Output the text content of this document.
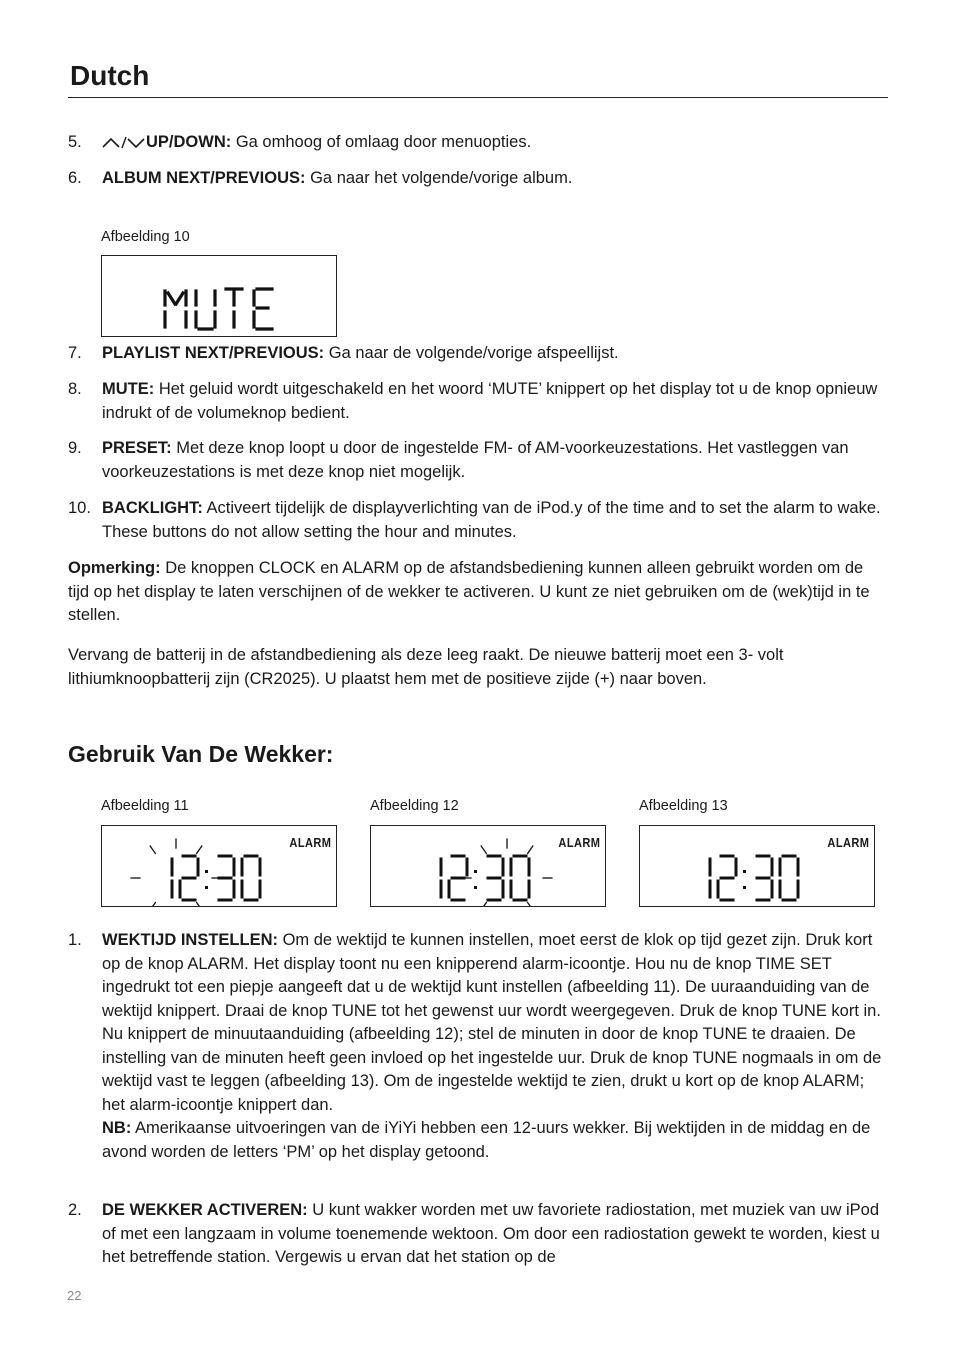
Dutch
5.	UP/DOWN: Ga omhoog of omlaag door menuopties.
6. ALBUM NEXT/PREVIOUS: Ga naar het volgende/vorige album.
Afbeelding 10
7. PLAYLIST NEXT/PREVIOUS: Ga naar de volgende/vorige afspeellijst.
8. MUTE: Het geluid wordt uitgeschakeld en het woord ‘MUTE’ knippert op het display tot u de knop opnieuw indrukt of de volumeknop bedient.
9. PRESET: Met deze knop loopt u door de ingestelde FM- of AM-voorkeuzestations. Het vastleggen van voorkeuzestations is met deze knop niet mogelijk.
10. BACKLIGHT: Activeert tijdelijk de displayverlichting van de iPod.y of the time and to set the alarm to wake. These buttons do not allow setting the hour and minutes.
Opmerking: De knoppen CLOCK en ALARM op de afstandsbediening kunnen alleen gebruikt worden om de tijd op het display te laten verschijnen of de wekker te activeren. U kunt ze niet gebruiken om de (wek)tijd in te stellen.
Vervang de batterij in de afstandbediening als deze leeg raakt. De nieuwe batterij moet een 3- volt lithiumknoopbatterij zijn (CR2025). U plaatst hem met de positieve zijde (+) naar boven.
Gebruik Van De Wekker:
Afbeelding 11	Afbeelding 12	Afbeelding 13
ALARM	ALARM	ALARM
1. WEKTIJD INSTELLEN: Om de wektijd te kunnen instellen, moet eerst de klok op tijd gezet zijn. Druk kort op de knop ALARM. Het display toont nu een knipperend alarm-icoontje. Hou nu de knop TIME SET ingedrukt tot een piepje aangeeft dat u de wektijd kunt instellen (afbeelding 11). De uuraanduiding van de wektijd knippert. Draai de knop TUNE tot het gewenst uur wordt weergegeven. Druk de knop TUNE kort in. Nu knippert de minuutaanduiding (afbeelding 12); stel de minuten in door de knop TUNE te draaien. De instelling van de minuten heeft geen invloed op het ingestelde uur. Druk de knop TUNE nogmaals in om de wektijd vast te leggen (afbeelding 13). Om de ingestelde wektijd te zien, drukt u kort op de knop ALARM; het alarm-icoontje knippert dan.
NB: Amerikaanse uitvoeringen van de iYiYi hebben een 12-uurs wekker. Bij wektijden in de middag en de avond worden de letters ‘PM’ op het display getoond.
2. DE WEKKER ACTIVEREN: U kunt wakker worden met uw favoriete radiostation, met muziek van uw iPod of met een langzaam in volume toenemende wektoon. Om door een radiostation gewekt te worden, kiest u het betreffende station. Vergewis u ervan dat het station op de
22
